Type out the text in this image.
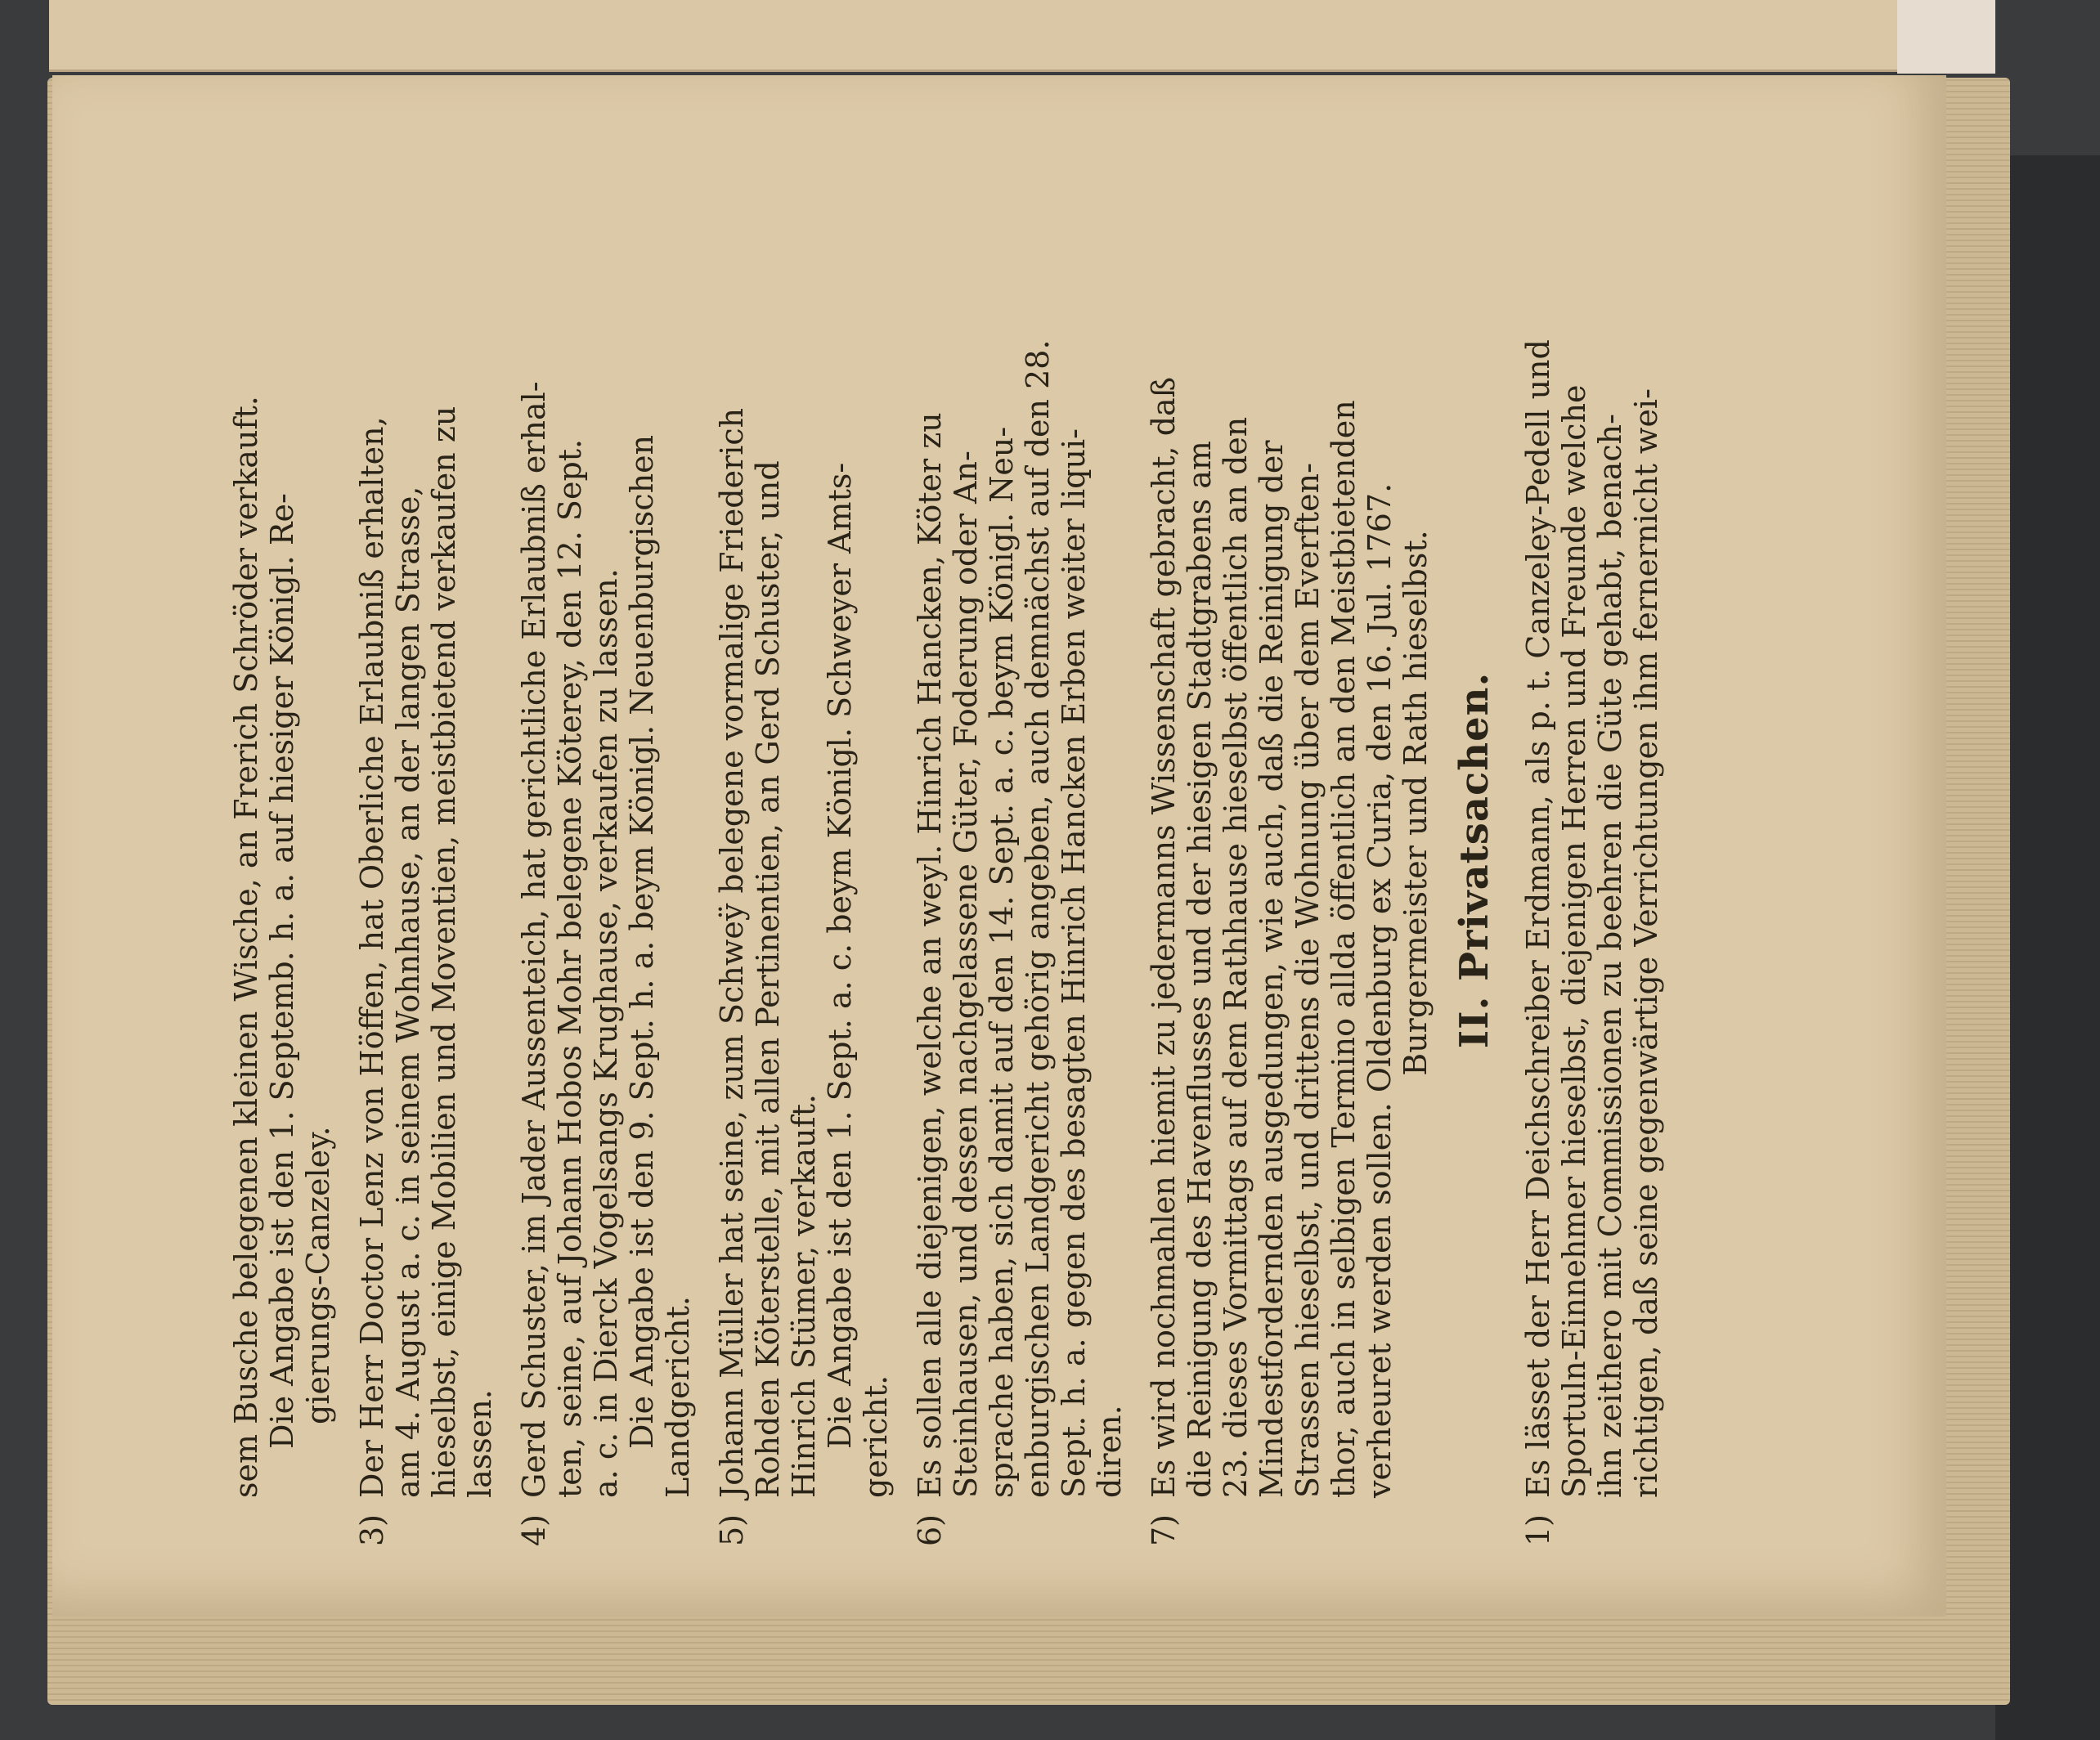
sem Busche belegenen kleinen Wische, an Frerich Schröder verkauft. Die Angabe ist den 1. Septemb. h. a. auf hiesiger Königl. Re- gierungs-Canzeley.
3)
Der Herr Doctor Lenz von Höffen, hat Oberliche Erlaubniß erhalten, am 4. August a. c. in seinem Wohnhause, an der langen Strasse, hieselbst, einige Mobilien und Moventien, meistbietend verkaufen zu lassen.
4)
Gerd Schuster, im Jader Aussenteich, hat gerichtliche Erlaubniß erhal- ten, seine, auf Johann Hobos Mohr belegene Köterey, den 12. Sept. a. c. in Dierck Vogelsangs Krughause, verkaufen zu lassen. Die Angabe ist den 9. Sept. h. a. beym Königl. Neuenburgischen Landgericht.
5)
Johann Müller hat seine, zum Schweÿ belegene vormalige Friederich Rohden Köterstelle, mit allen Pertinentien, an Gerd Schuster, und Hinrich Stümer, verkauft. Die Angabe ist den 1. Sept. a. c. beym Königl. Schweyer Amts- gericht.
6)
Es sollen alle diejenigen, welche an weyl. Hinrich Hancken, Köter zu Steinhausen, und dessen nachgelassene Güter, Foderung oder An- sprache haben, sich damit auf den 14. Sept. a. c. beym Königl. Neu- enburgischen Landgericht gehörig angeben, auch demnächst auf den 28. Sept. h. a. gegen des besagten Hinrich Hancken Erben weiter liqui- diren.
7)
Es wird nochmahlen hiemit zu jedermanns Wissenschaft gebracht, daß die Reinigung des Havenflusses und der hiesigen Stadtgrabens am 23. dieses Vormittags auf dem Rathhause hieselbst öffentlich an den Mindestfordernden ausgedungen, wie auch, daß die Reinigung der Strassen hieselbst, und drittens die Wohnung über dem Everften- thor, auch in selbigen Termino allda öffentlich an den Meistbietenden verheuret werden sollen. Oldenburg ex Curia, den 16. Jul. 1767. Burgermeister und Rath hieselbst. II. Privatsachen.
1)
Es lässet der Herr Deichschreiber Erdmann, als p. t. Canzeley-Pedell und Sportuln-Einnehmer hieselbst, diejenigen Herren und Freunde welche ihn zeithero mit Commissionen zu beehren die Güte gehabt, benach- richtigen, daß seine gegenwärtige Verrichtungen ihm fernernicht wei-
